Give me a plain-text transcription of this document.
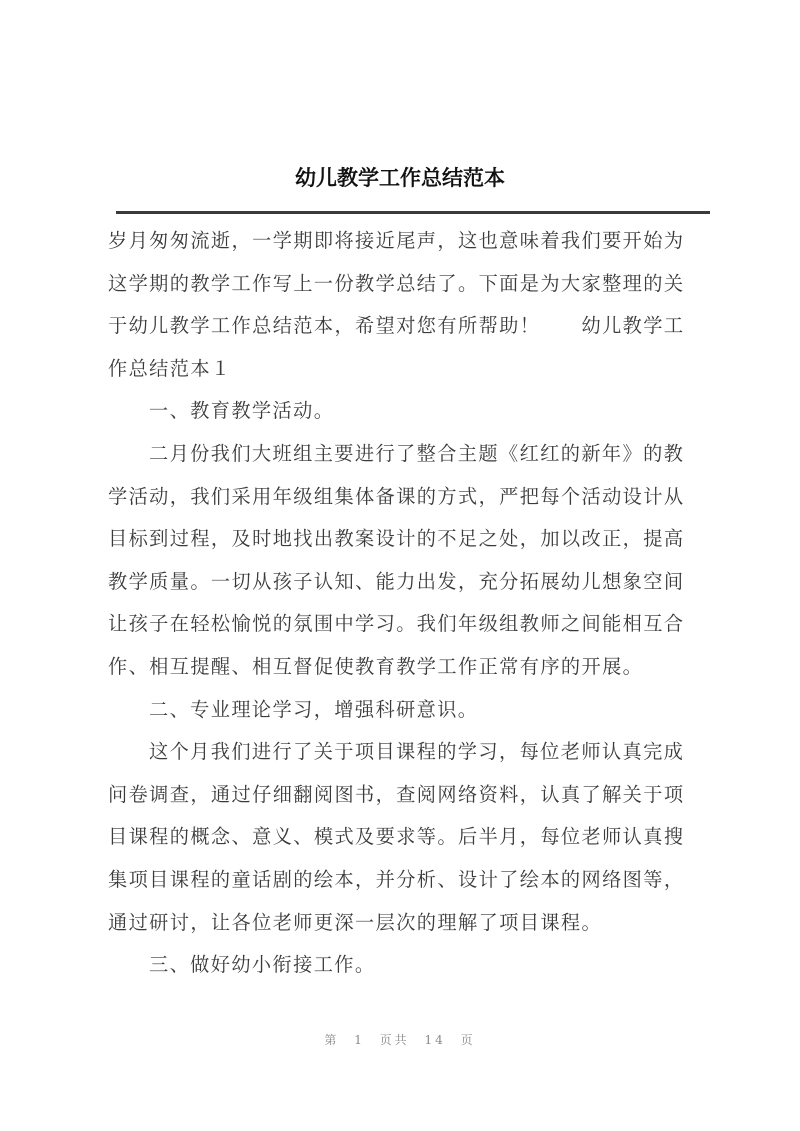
幼儿教学工作总结范本
岁月匆匆流逝，一学期即将接近尾声，这也意味着我们要开始为
这学期的教学工作写上一份教学总结了。下面是为大家整理的关
于幼儿教学工作总结范本，希望对您有所帮助！　　幼儿教学工
作总结范本１
一、教育教学活动。
二月份我们大班组主要进行了整合主题《红红的新年》的教
学活动，我们采用年级组集体备课的方式，严把每个活动设计从
目标到过程，及时地找出教案设计的不足之处，加以改正，提高
教学质量。一切从孩子认知、能力出发，充分拓展幼儿想象空间
让孩子在轻松愉悦的氛围中学习。我们年级组教师之间能相互合
作、相互提醒、相互督促使教育教学工作正常有序的开展。
二、专业理论学习，增强科研意识。
这个月我们进行了关于项目课程的学习，每位老师认真完成
问卷调查，通过仔细翻阅图书，查阅网络资料，认真了解关于项
目课程的概念、意义、模式及要求等。后半月，每位老师认真搜
集项目课程的童话剧的绘本，并分析、设计了绘本的网络图等，
通过研讨，让各位老师更深一层次的理解了项目课程。
三、做好幼小衔接工作。
第 1 页共 14 页
